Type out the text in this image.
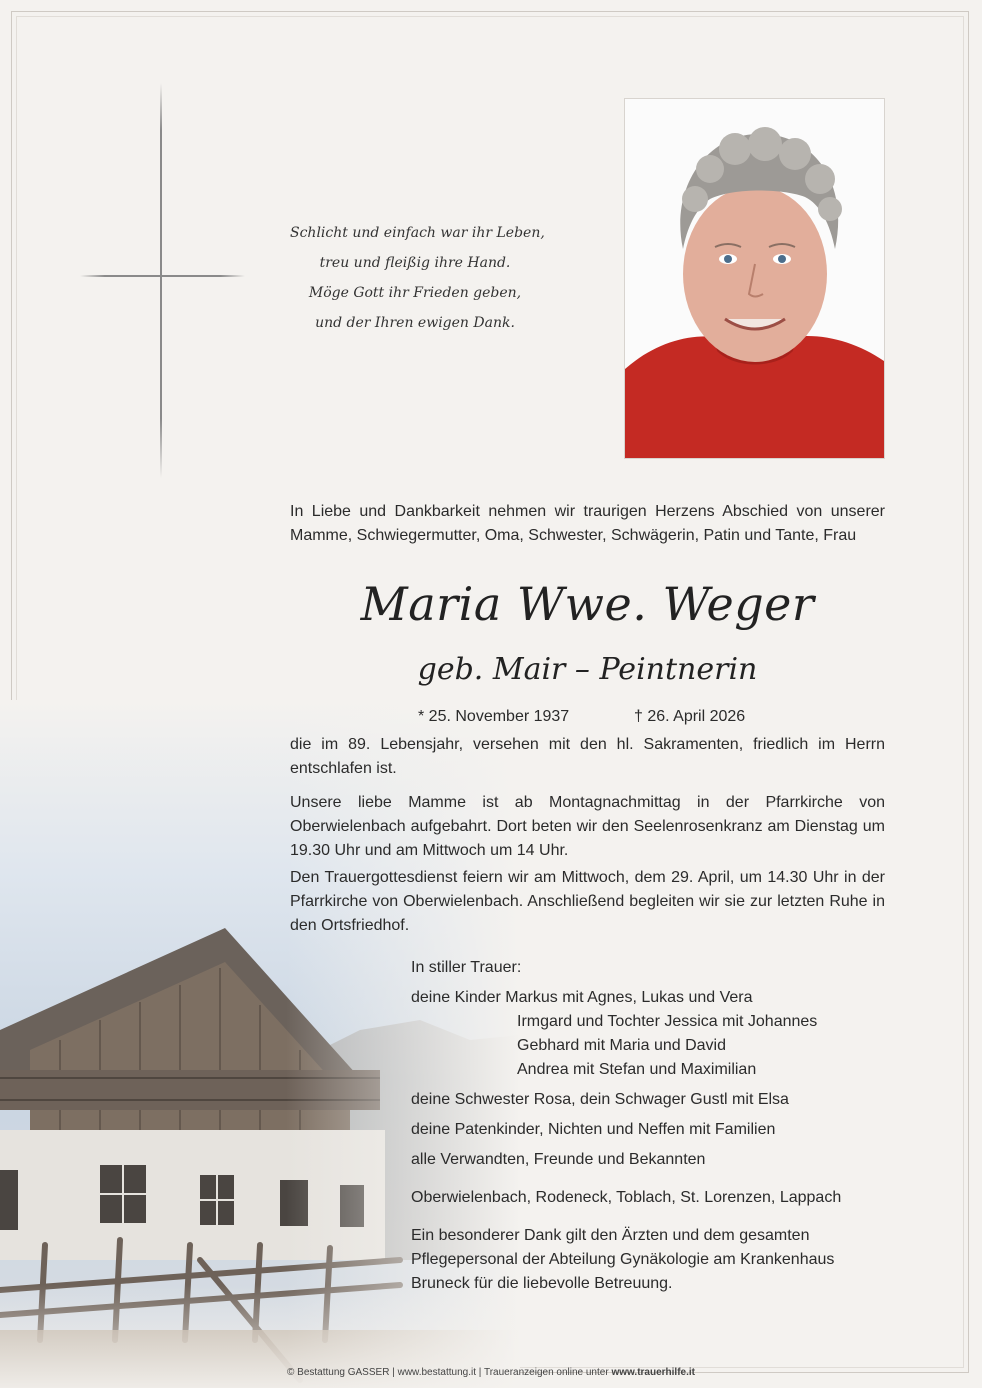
Schlicht und einfach war ihr Leben,
treu und fleißig ihre Hand.
Möge Gott ihr Frieden geben,
und der Ihren ewigen Dank.
In Liebe und Dankbarkeit nehmen wir traurigen Herzens Abschied von unserer Mamme, Schwiegermutter, Oma, Schwester, Schwägerin, Patin und Tante, Frau
Maria Wwe. Weger
geb. Mair – Peintnerin
* 25. November 1937	† 26. April 2026
die im 89. Lebensjahr, versehen mit den hl. Sakramenten, friedlich im Herrn entschlafen ist.
Unsere liebe Mamme ist ab Montagnachmittag in der Pfarrkirche von Oberwielenbach aufgebahrt. Dort beten wir den Seelenrosenkranz am Dienstag um 19.30 Uhr und am Mittwoch um 14 Uhr.
Den Trauergottesdienst feiern wir am Mittwoch, dem 29. April, um 14.30 Uhr in der Pfarrkirche von Oberwielenbach. Anschließend begleiten wir sie zur letzten Ruhe in den Ortsfriedhof.
In stiller Trauer:
deine Kinder Markus mit Agnes, Lukas und Vera
Irmgard und Tochter Jessica mit Johannes
Gebhard mit Maria und David
Andrea mit Stefan und Maximilian
deine Schwester Rosa, dein Schwager Gustl mit Elsa
deine Patenkinder, Nichten und Neffen mit Familien
alle Verwandten, Freunde und Bekannten
Oberwielenbach, Rodeneck, Toblach, St. Lorenzen, Lappach
Ein besonderer Dank gilt den Ärzten und dem gesamten
Pflegepersonal der Abteilung Gynäkologie am Krankenhaus
Bruneck für die liebevolle Betreuung.
© Bestattung GASSER | www.bestattung.it | Traueranzeigen online unter www.trauerhilfe.it
